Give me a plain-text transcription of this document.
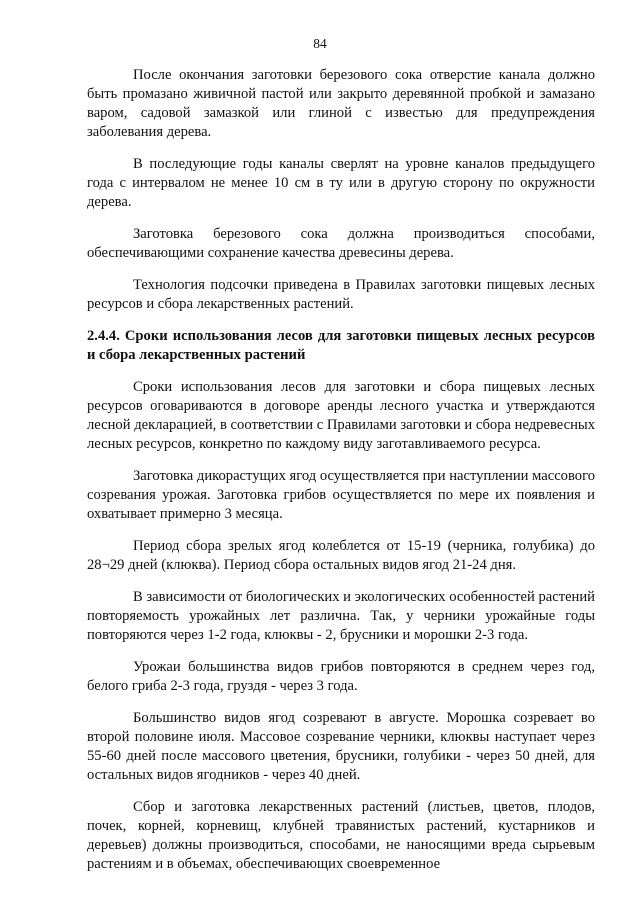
84

После окончания заготовки березового сока отверстие канала должно быть промазано живичной пастой или закрыто деревянной пробкой и замазано варом, садовой замазкой или глиной с известью для предупреждения заболевания дерева.

В последующие годы каналы сверлят на уровне каналов предыдущего года с интервалом не менее 10 см в ту или в другую сторону по окружности дерева.

Заготовка березового сока должна производиться способами, обеспечивающими сохранение качества древесины дерева.

Технология подсочки приведена в Правилах заготовки пищевых лесных ресурсов и сбора лекарственных растений.

2.4.4. Сроки использования лесов для заготовки пищевых лесных ресурсов и сбора лекарственных растений

Сроки использования лесов для заготовки и сбора пищевых лесных ресурсов оговариваются в договоре аренды лесного участка и утверждаются лесной декларацией, в соответствии с Правилами заготовки и сбора недревесных лесных ресурсов, конкретно по каждому виду заготавливаемого ресурса.

Заготовка дикорастущих ягод осуществляется при наступлении массового созревания урожая. Заготовка грибов осуществляется по мере их появления и охватывает примерно 3 месяца.

Период сбора зрелых ягод колеблется от 15-19 (черника, голубика) до 28¬29 дней (клюква). Период сбора остальных видов ягод 21-24 дня.

В зависимости от биологических и экологических особенностей растений повторяемость урожайных лет различна. Так, у черники урожайные годы повторяются через 1-2 года, клюквы - 2, брусники и морошки 2-3 года.

Урожаи большинства видов грибов повторяются в среднем через год, белого гриба 2-3 года, груздя - через 3 года.

Большинство видов ягод созревают в августе. Морошка созревает во второй половине июля. Массовое созревание черники, клюквы наступает через 55-60 дней после массового цветения, брусники, голубики - через 50 дней, для остальных видов ягодников - через 40 дней.

Сбор и заготовка лекарственных растений (листьев, цветов, плодов, почек, корней, корневищ, клубней травянистых растений, кустарников и деревьев) должны производиться, способами, не наносящими вреда сырьевым растениям и в объемах, обеспечивающих своевременное
